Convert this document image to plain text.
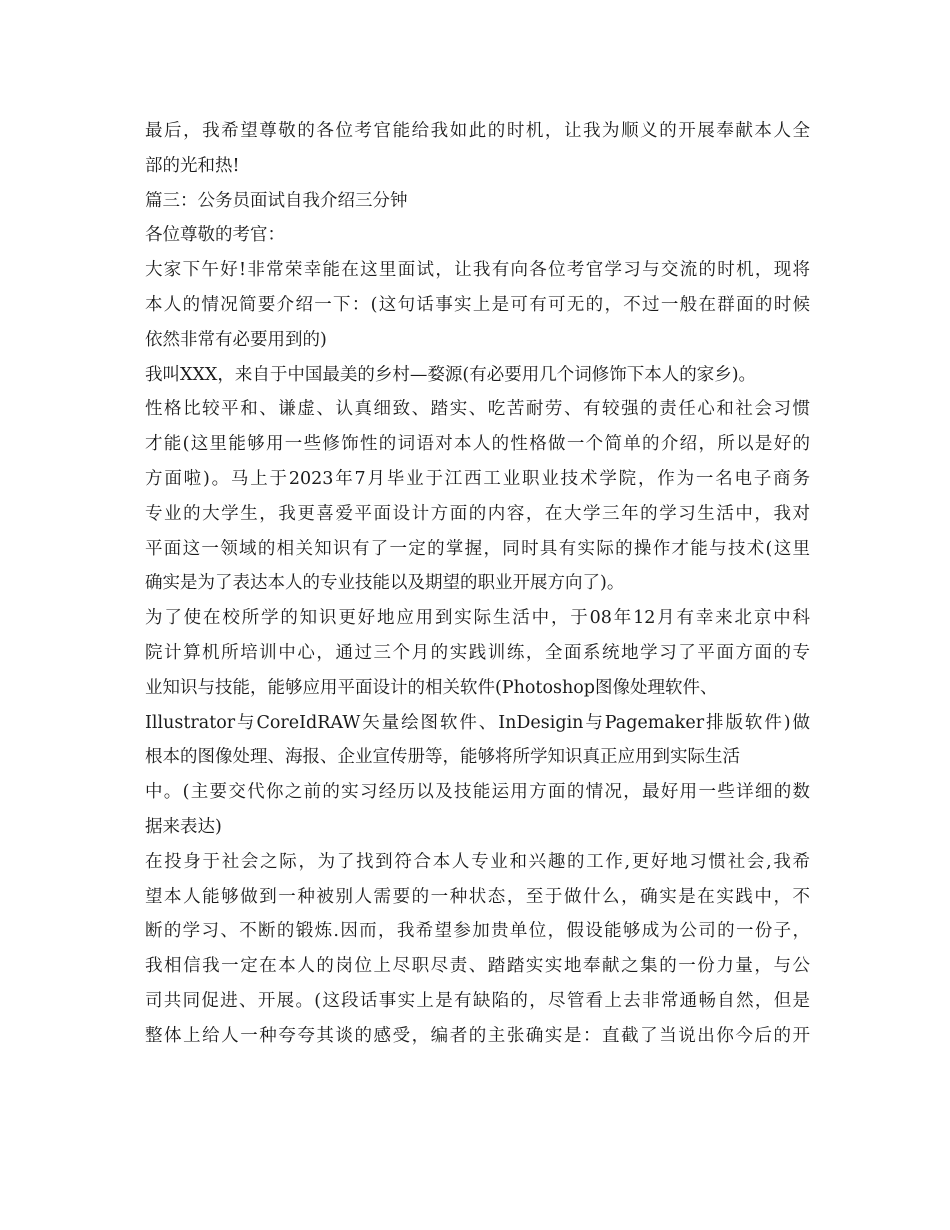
最后，我希望尊敬的各位考官能给我如此的时机，让我为顺义的开展奉献本人全
部的光和热!
篇三：公务员面试自我介绍三分钟
各位尊敬的考官：
大家下午好!非常荣幸能在这里面试，让我有向各位考官学习与交流的时机，现将
本人的情况简要介绍一下：(这句话事实上是可有可无的，不过一般在群面的时候
依然非常有必要用到的)
我叫XXX，来自于中国最美的乡村—婺源(有必要用几个词修饰下本人的家乡)。
性格比较平和、谦虚、认真细致、踏实、吃苦耐劳、有较强的责任心和社会习惯
才能(这里能够用一些修饰性的词语对本人的性格做一个简单的介绍，所以是好的
方面啦)。马上于2023年7月毕业于江西工业职业技术学院，作为一名电子商务
专业的大学生，我更喜爱平面设计方面的内容，在大学三年的学习生活中，我对
平面这一领域的相关知识有了一定的掌握，同时具有实际的操作才能与技术(这里
确实是为了表达本人的专业技能以及期望的职业开展方向了)。
为了使在校所学的知识更好地应用到实际生活中，于08年12月有幸来北京中科
院计算机所培训中心，通过三个月的实践训练，全面系统地学习了平面方面的专
业知识与技能，能够应用平面设计的相关软件(Photoshop图像处理软件、
Illustrator与CoreIdRAW矢量绘图软件、InDesigin与Pagemaker排版软件)做
根本的图像处理、海报、企业宣传册等，能够将所学知识真正应用到实际生活
中。(主要交代你之前的实习经历以及技能运用方面的情况，最好用一些详细的数
据来表达)
在投身于社会之际，为了找到符合本人专业和兴趣的工作,更好地习惯社会,我希
望本人能够做到一种被别人需要的一种状态，至于做什么，确实是在实践中，不
断的学习、不断的锻炼.因而，我希望参加贵单位，假设能够成为公司的一份子，
我相信我一定在本人的岗位上尽职尽责、踏踏实实地奉献之集的一份力量，与公
司共同促进、开展。(这段话事实上是有缺陷的，尽管看上去非常通畅自然，但是
整体上给人一种夸夸其谈的感受，编者的主张确实是：直截了当说出你今后的开
